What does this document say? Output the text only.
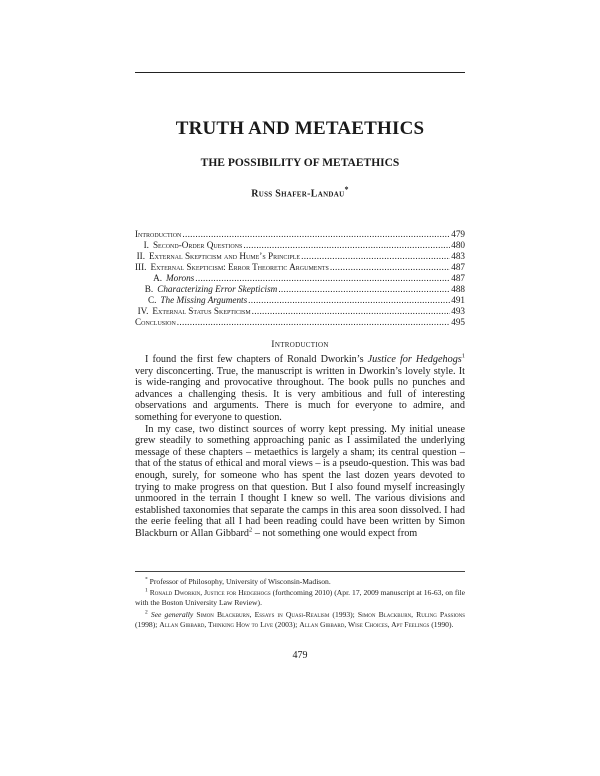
TRUTH AND METAETHICS
THE POSSIBILITY OF METAETHICS
Russ Shafer-Landau*
Introduction .....	479
I. Second-Order Questions .....	480
II. External Skepticism and Hume’s Principle .....	483
III. External Skepticism: Error Theoretic Arguments .....	487
A. Morons .....	487
B. Characterizing Error Skepticism .....	488
C. The Missing Arguments .....	491
IV. External Status Skepticism .....	493
Conclusion .....	495
Introduction

I found the first few chapters of Ronald Dworkin’s Justice for Hedgehogs$^1$ very disconcerting. True, the manuscript is written in Dworkin’s lovely style. It is wide-ranging and provocative throughout. The book pulls no punches and advances a challenging thesis. It is very ambitious and full of interesting observations and arguments. There is much for everyone to admire, and something for everyone to question.

In my case, two distinct sources of worry kept pressing. My initial unease grew steadily to something approaching panic as I assimilated the underlying message of these chapters – metaethics is largely a sham; its central question – that of the status of ethical and moral views – is a pseudo-question. This was bad enough, surely, for someone who has spent the last dozen years devoted to trying to make progress on that question. But I also found myself increasingly unmoored in the terrain I thought I knew so well. The various divisions and established taxonomies that separate the camps in this area soon dissolved. I had the eerie feeling that all I had been reading could have been written by Simon Blackburn or Allan Gibbard$^2$ – not something one would expect from

* Professor of Philosophy, University of Wisconsin-Madison.

$^1$ Ronald Dworkin, Justice for Hedgehogs (forthcoming 2010) (Apr. 17, 2009 manuscript at 16-63, on file with the Boston University Law Review).

$^2$ See generally Simon Blackburn, Essays in Quasi-Realism (1993); Simon Blackburn, Ruling Passions (1998); Allan Gibbard, Thinking How to Live (2003); Allan Gibbard, Wise Choices, Apt Feelings (1990).

479
